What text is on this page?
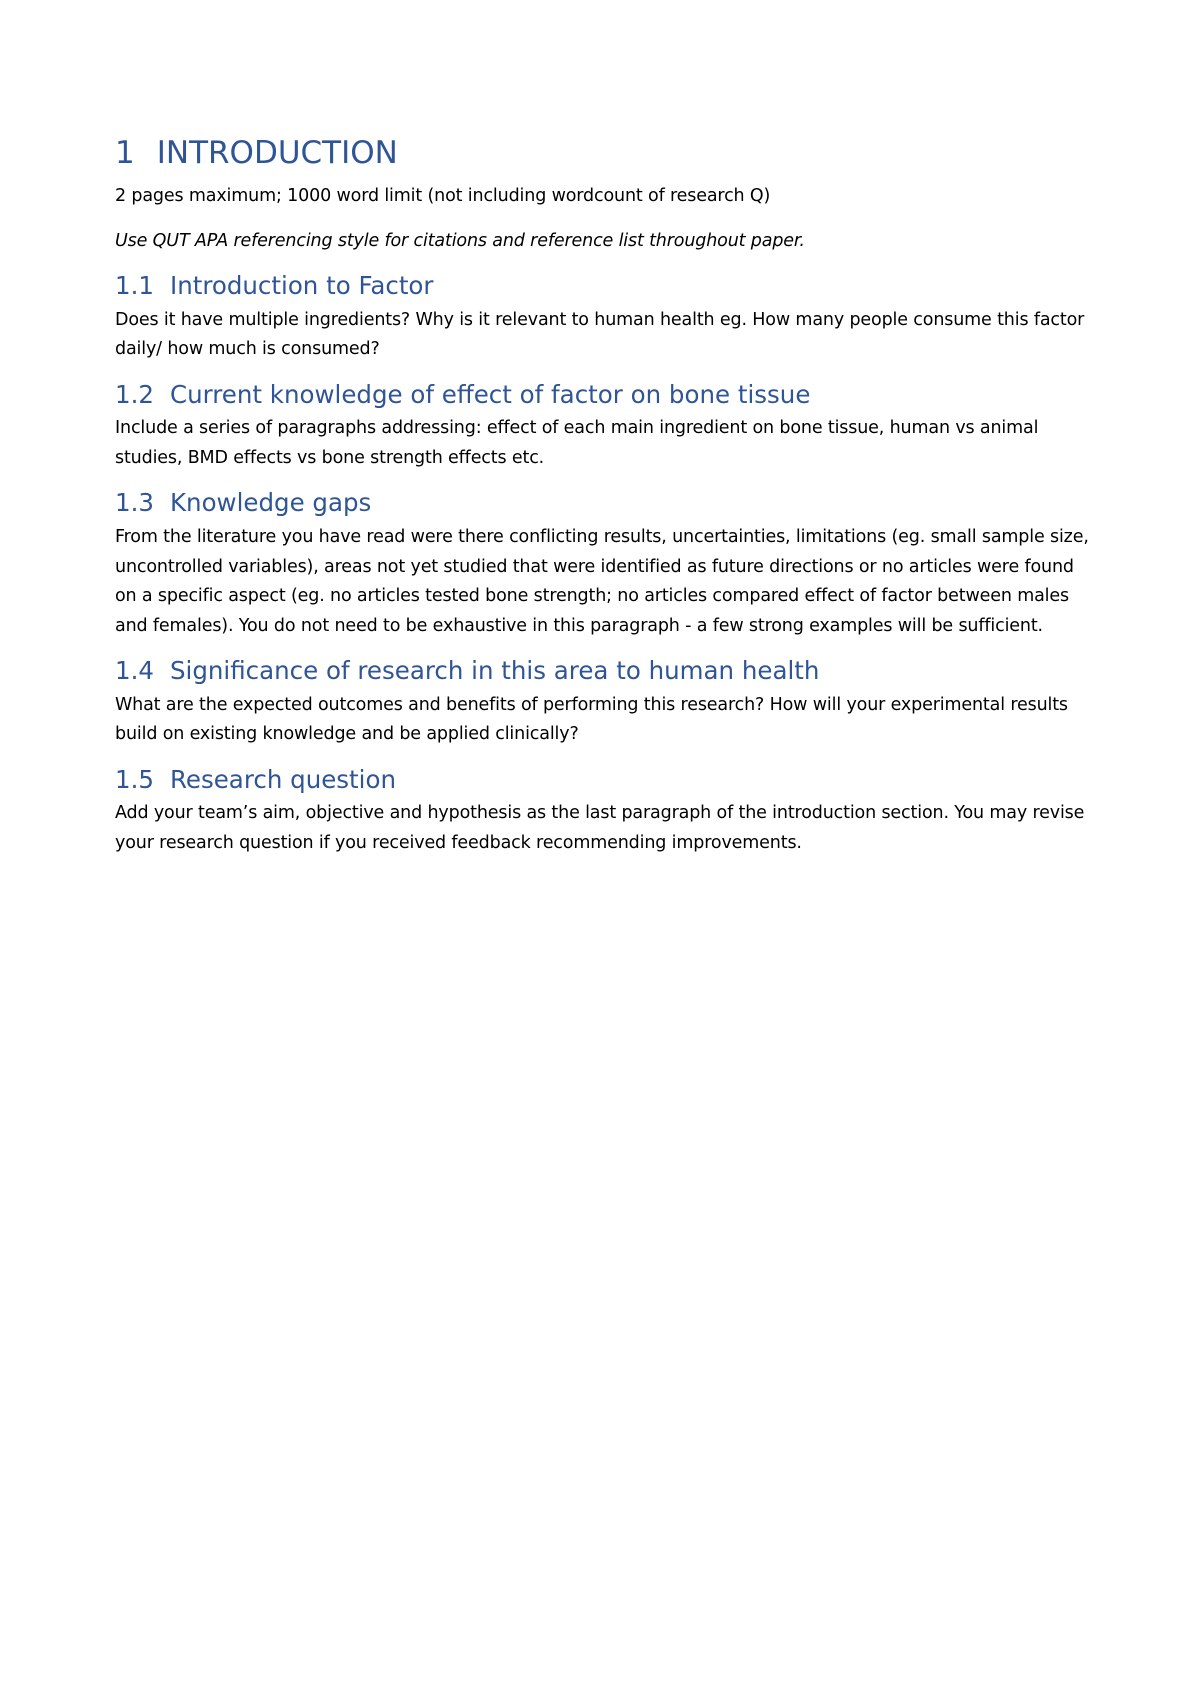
1 INTRODUCTION

2 pages maximum; 1000 word limit (not including wordcount of research Q)

Use QUT APA referencing style for citations and reference list throughout paper.

1.1 Introduction to Factor

Does it have multiple ingredients? Why is it relevant to human health eg. How many people consume this factor daily/ how much is consumed?

1.2 Current knowledge of effect of factor on bone tissue

Include a series of paragraphs addressing: effect of each main ingredient on bone tissue, human vs animal studies, BMD effects vs bone strength effects etc.

1.3 Knowledge gaps

From the literature you have read were there conflicting results, uncertainties, limitations (eg. small sample size, uncontrolled variables), areas not yet studied that were identified as future directions or no articles were found on a specific aspect (eg. no articles tested bone strength; no articles compared effect of factor between males and females). You do not need to be exhaustive in this paragraph - a few strong examples will be sufficient.

1.4 Significance of research in this area to human health

What are the expected outcomes and benefits of performing this research? How will your experimental results build on existing knowledge and be applied clinically?

1.5 Research question

Add your team’s aim, objective and hypothesis as the last paragraph of the introduction section. You may revise your research question if you received feedback recommending improvements.
